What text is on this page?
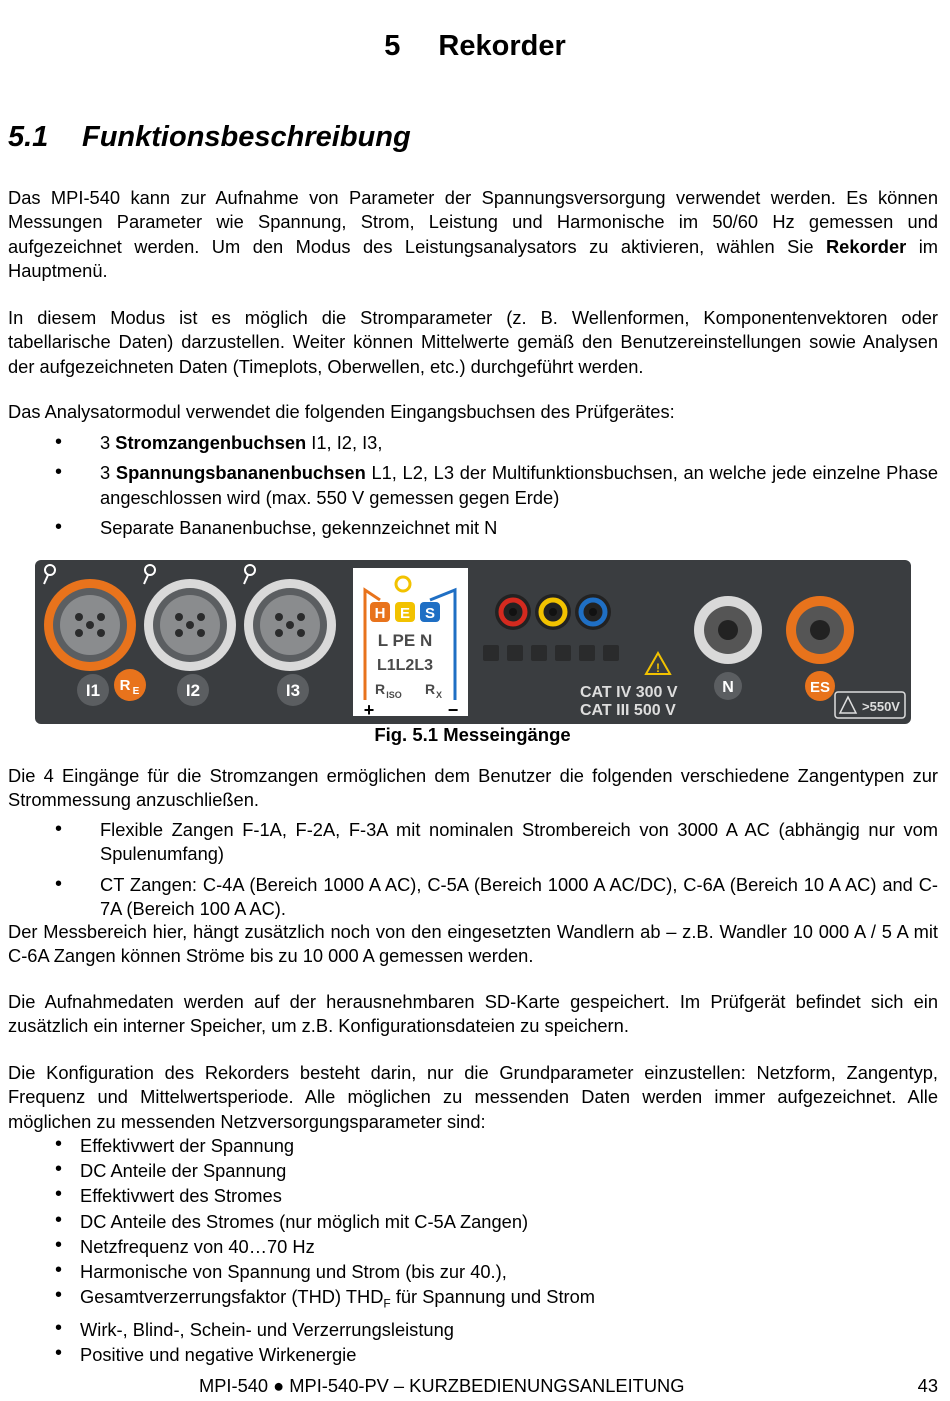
5 Rekorder
5.1 Funktionsbeschreibung

Das MPI-540 kann zur Aufnahme von Parameter der Spannungsversorgung verwendet werden. Es können Messungen Parameter wie Spannung, Strom, Leistung und Harmonische im 50/60 Hz gemessen und aufgezeichnet werden. Um den Modus des Leistungsanalysators zu aktivieren, wählen Sie Rekorder im Hauptmenü.

In diesem Modus ist es möglich die Stromparameter (z. B. Wellenformen, Komponentenvektoren oder tabellarische Daten) darzustellen. Weiter können Mittelwerte gemäß den Benutzereinstellungen sowie Analysen der aufgezeichneten Daten (Timeplots, Oberwellen, etc.) durchgeführt werden.

Das Analysatormodul verwendet die folgenden Eingangsbuchsen des Prüfgerätes:

• 3 Stromzangenbuchsen I1, I2, I3,
• 3 Spannungsbananenbuchsen L1, L2, L3 der Multifunktionsbuchsen, an welche jede einzelne Phase angeschlossen wird (max. 550 V gemessen gegen Erde)
• Separate Bananenbuchse, gekennzeichnet mit N
I1 R E	I2	I3
H E S
L PE N
L1L2L3
R ISO R X
+	−
!
CAT IV 300 V
CAT III 500 V
N	ES
>550V
Fig. 5.1 Messeingänge

Die 4 Eingänge für die Stromzangen ermöglichen dem Benutzer die folgenden verschiedene Zangentypen zur Strommessung anzuschließen.

• Flexible Zangen F-1A, F-2A, F-3A mit nominalen Strombereich von 3000 A AC (abhängig nur vom Spulenumfang)
• CT Zangen: C-4A (Bereich 1000 A AC), C-5A (Bereich 1000 A AC/DC), C-6A (Bereich 10 A AC) and C-7A (Bereich 100 A AC).

Der Messbereich hier, hängt zusätzlich noch von den eingesetzten Wandlern ab – z.B. Wandler 10 000 A / 5 A mit C-6A Zangen können Ströme bis zu 10 000 A gemessen werden.

Die Aufnahmedaten werden auf der herausnehmbaren SD-Karte gespeichert. Im Prüfgerät befindet sich ein zusätzlich ein interner Speicher, um z.B. Konfigurationsdateien zu speichern.

Die Konfiguration des Rekorders besteht darin, nur die Grundparameter einzustellen: Netzform, Zangentyp, Frequenz und Mittelwertsperiode. Alle möglichen zu messenden Daten werden immer aufgezeichnet. Alle möglichen zu messenden Netzversorgungsparameter sind:

• Effektivwert der Spannung
• DC Anteile der Spannung
• Effektivwert des Stromes
• DC Anteile des Stromes (nur möglich mit C-5A Zangen)
• Netzfrequenz von 40…70 Hz
• Harmonische von Spannung und Strom (bis zur 40.),
• Gesamtverzerrungsfaktor (THD) $THD_F$ für Spannung und Strom
• Wirk-, Blind-, Schein- und Verzerrungsleistung
• Positive und negative Wirkenergie
MPI-540 ● MPI-540-PV – KURZBEDIENUNGSANLEITUNG	43
